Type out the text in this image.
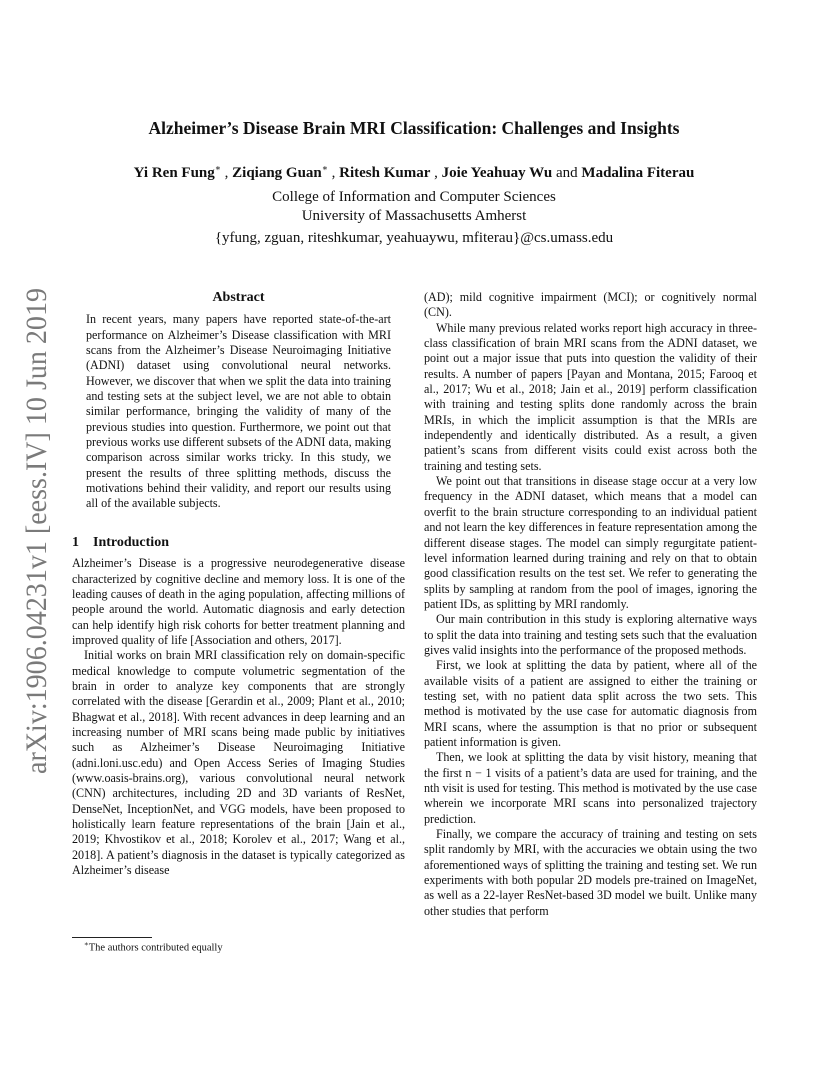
arXiv:1906.04231v1 [eess.IV] 10 Jun 2019
Alzheimer’s Disease Brain MRI Classification: Challenges and Insights
Yi Ren Fung∗ , Ziqiang Guan∗ , Ritesh Kumar , Joie Yeahuay Wu and Madalina Fiterau
College of Information and Computer Sciences
University of Massachusetts Amherst
{yfung, zguan, riteshkumar, yeahuaywu, mfiterau}@cs.umass.edu
Abstract

In recent years, many papers have reported state-of-the-art performance on Alzheimer’s Disease classification with MRI scans from the Alzheimer’s Disease Neuroimaging Initiative (ADNI) dataset using convolutional neural networks. However, we discover that when we split the data into training and testing sets at the subject level, we are not able to obtain similar performance, bringing the validity of many of the previous studies into question. Furthermore, we point out that previous works use different subsets of the ADNI data, making comparison across similar works tricky. In this study, we present the results of three splitting methods, discuss the motivations behind their validity, and report our results using all of the available subjects.

1 Introduction

Alzheimer’s Disease is a progressive neurodegenerative disease characterized by cognitive decline and memory loss. It is one of the leading causes of death in the aging population, affecting millions of people around the world. Automatic diagnosis and early detection can help identify high risk cohorts for better treatment planning and improved quality of life [Association and others, 2017].

Initial works on brain MRI classification rely on domain-specific medical knowledge to compute volumetric segmentation of the brain in order to analyze key components that are strongly correlated with the disease [Gerardin et al., 2009; Plant et al., 2010; Bhagwat et al., 2018]. With recent advances in deep learning and an increasing number of MRI scans being made public by initiatives such as Alzheimer’s Disease Neuroimaging Initiative (adni.loni.usc.edu) and Open Access Series of Imaging Studies (www.oasis-brains.org), various convolutional neural network (CNN) architectures, including 2D and 3D variants of ResNet, DenseNet, InceptionNet, and VGG models, have been proposed to holistically learn feature representations of the brain [Jain et al., 2019; Khvostikov et al., 2018; Korolev et al., 2017; Wang et al., 2018]. A patient’s diagnosis in the dataset is typically categorized as Alzheimer’s disease

(AD); mild cognitive impairment (MCI); or cognitively normal (CN).

While many previous related works report high accuracy in three-class classification of brain MRI scans from the ADNI dataset, we point out a major issue that puts into question the validity of their results. A number of papers [Payan and Montana, 2015; Farooq et al., 2017; Wu et al., 2018; Jain et al., 2019] perform classification with training and testing splits done randomly across the brain MRIs, in which the implicit assumption is that the MRIs are independently and identically distributed. As a result, a given patient’s scans from different visits could exist across both the training and testing sets.

We point out that transitions in disease stage occur at a very low frequency in the ADNI dataset, which means that a model can overfit to the brain structure corresponding to an individual patient and not learn the key differences in feature representation among the different disease stages. The model can simply regurgitate patient-level information learned during training and rely on that to obtain good classification results on the test set. We refer to generating the splits by sampling at random from the pool of images, ignoring the patient IDs, as splitting by MRI randomly.

Our main contribution in this study is exploring alternative ways to split the data into training and testing sets such that the evaluation gives valid insights into the performance of the proposed methods.

First, we look at splitting the data by patient, where all of the available visits of a patient are assigned to either the training or testing set, with no patient data split across the two sets. This method is motivated by the use case for automatic diagnosis from MRI scans, where the assumption is that no prior or subsequent patient information is given.

Then, we look at splitting the data by visit history, meaning that the first n − 1 visits of a patient’s data are used for training, and the nth visit is used for testing. This method is motivated by the use case wherein we incorporate MRI scans into personalized trajectory prediction.

Finally, we compare the accuracy of training and testing on sets split randomly by MRI, with the accuracies we obtain using the two aforementioned ways of splitting the training and testing set. We run experiments with both popular 2D models pre-trained on ImageNet, as well as a 22-layer ResNet-based 3D model we built. Unlike many other studies that perform

∗The authors contributed equally
